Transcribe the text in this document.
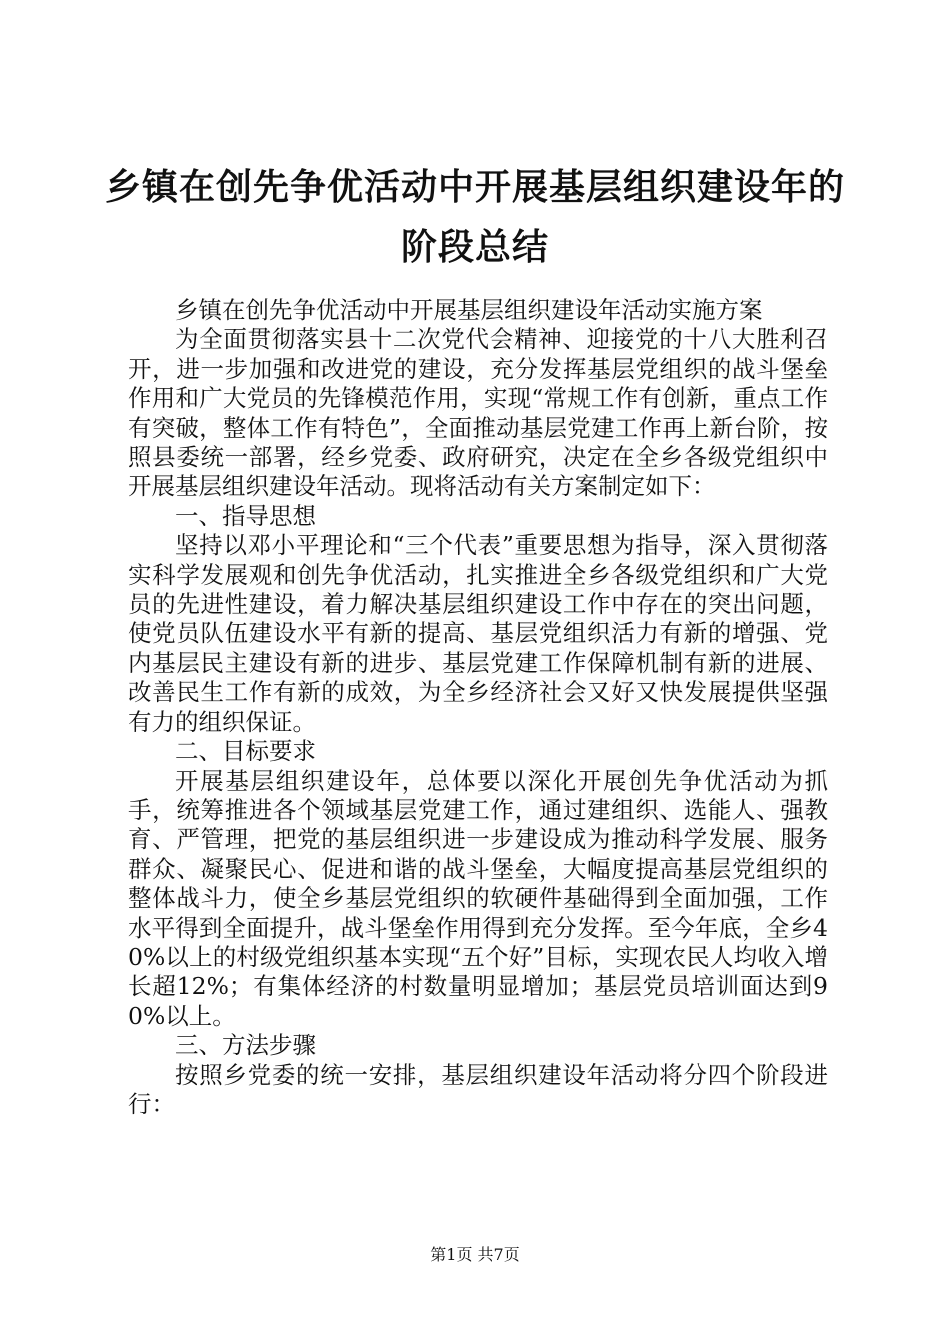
乡镇在创先争优活动中开展基层组织建设年的

阶段总结

乡镇在创先争优活动中开展基层组织建设年活动实施方案

为全面贯彻落实县十二次党代会精神、迎接党的十八大胜利召开，进一步加强和改进党的建设，充分发挥基层党组织的战斗堡垒作用和广大党员的先锋模范作用，实现“常规工作有创新，重点工作有突破，整体工作有特色”，全面推动基层党建工作再上新台阶，按照县委统一部署，经乡党委、政府研究，决定在全乡各级党组织中开展基层组织建设年活动。现将活动有关方案制定如下：

一、指导思想

坚持以邓小平理论和“三个代表”重要思想为指导，深入贯彻落实科学发展观和创先争优活动，扎实推进全乡各级党组织和广大党员的先进性建设，着力解决基层组织建设工作中存在的突出问题，使党员队伍建设水平有新的提高、基层党组织活力有新的增强、党内基层民主建设有新的进步、基层党建工作保障机制有新的进展、改善民生工作有新的成效，为全乡经济社会又好又快发展提供坚强有力的组织保证。

二、目标要求

开展基层组织建设年，总体要以深化开展创先争优活动为抓手，统筹推进各个领域基层党建工作，通过建组织、选能人、强教育、严管理，把党的基层组织进一步建设成为推动科学发展、服务群众、凝聚民心、促进和谐的战斗堡垒，大幅度提高基层党组织的整体战斗力，使全乡基层党组织的软硬件基础得到全面加强，工作水平得到全面提升，战斗堡垒作用得到充分发挥。至今年底，全乡40%以上的村级党组织基本实现“五个好”目标，实现农民人均收入增长超12%；有集体经济的村数量明显增加；基层党员培训面达到90%以上。

三、方法步骤

按照乡党委的统一安排，基层组织建设年活动将分四个阶段进行：

第1页 共7页
